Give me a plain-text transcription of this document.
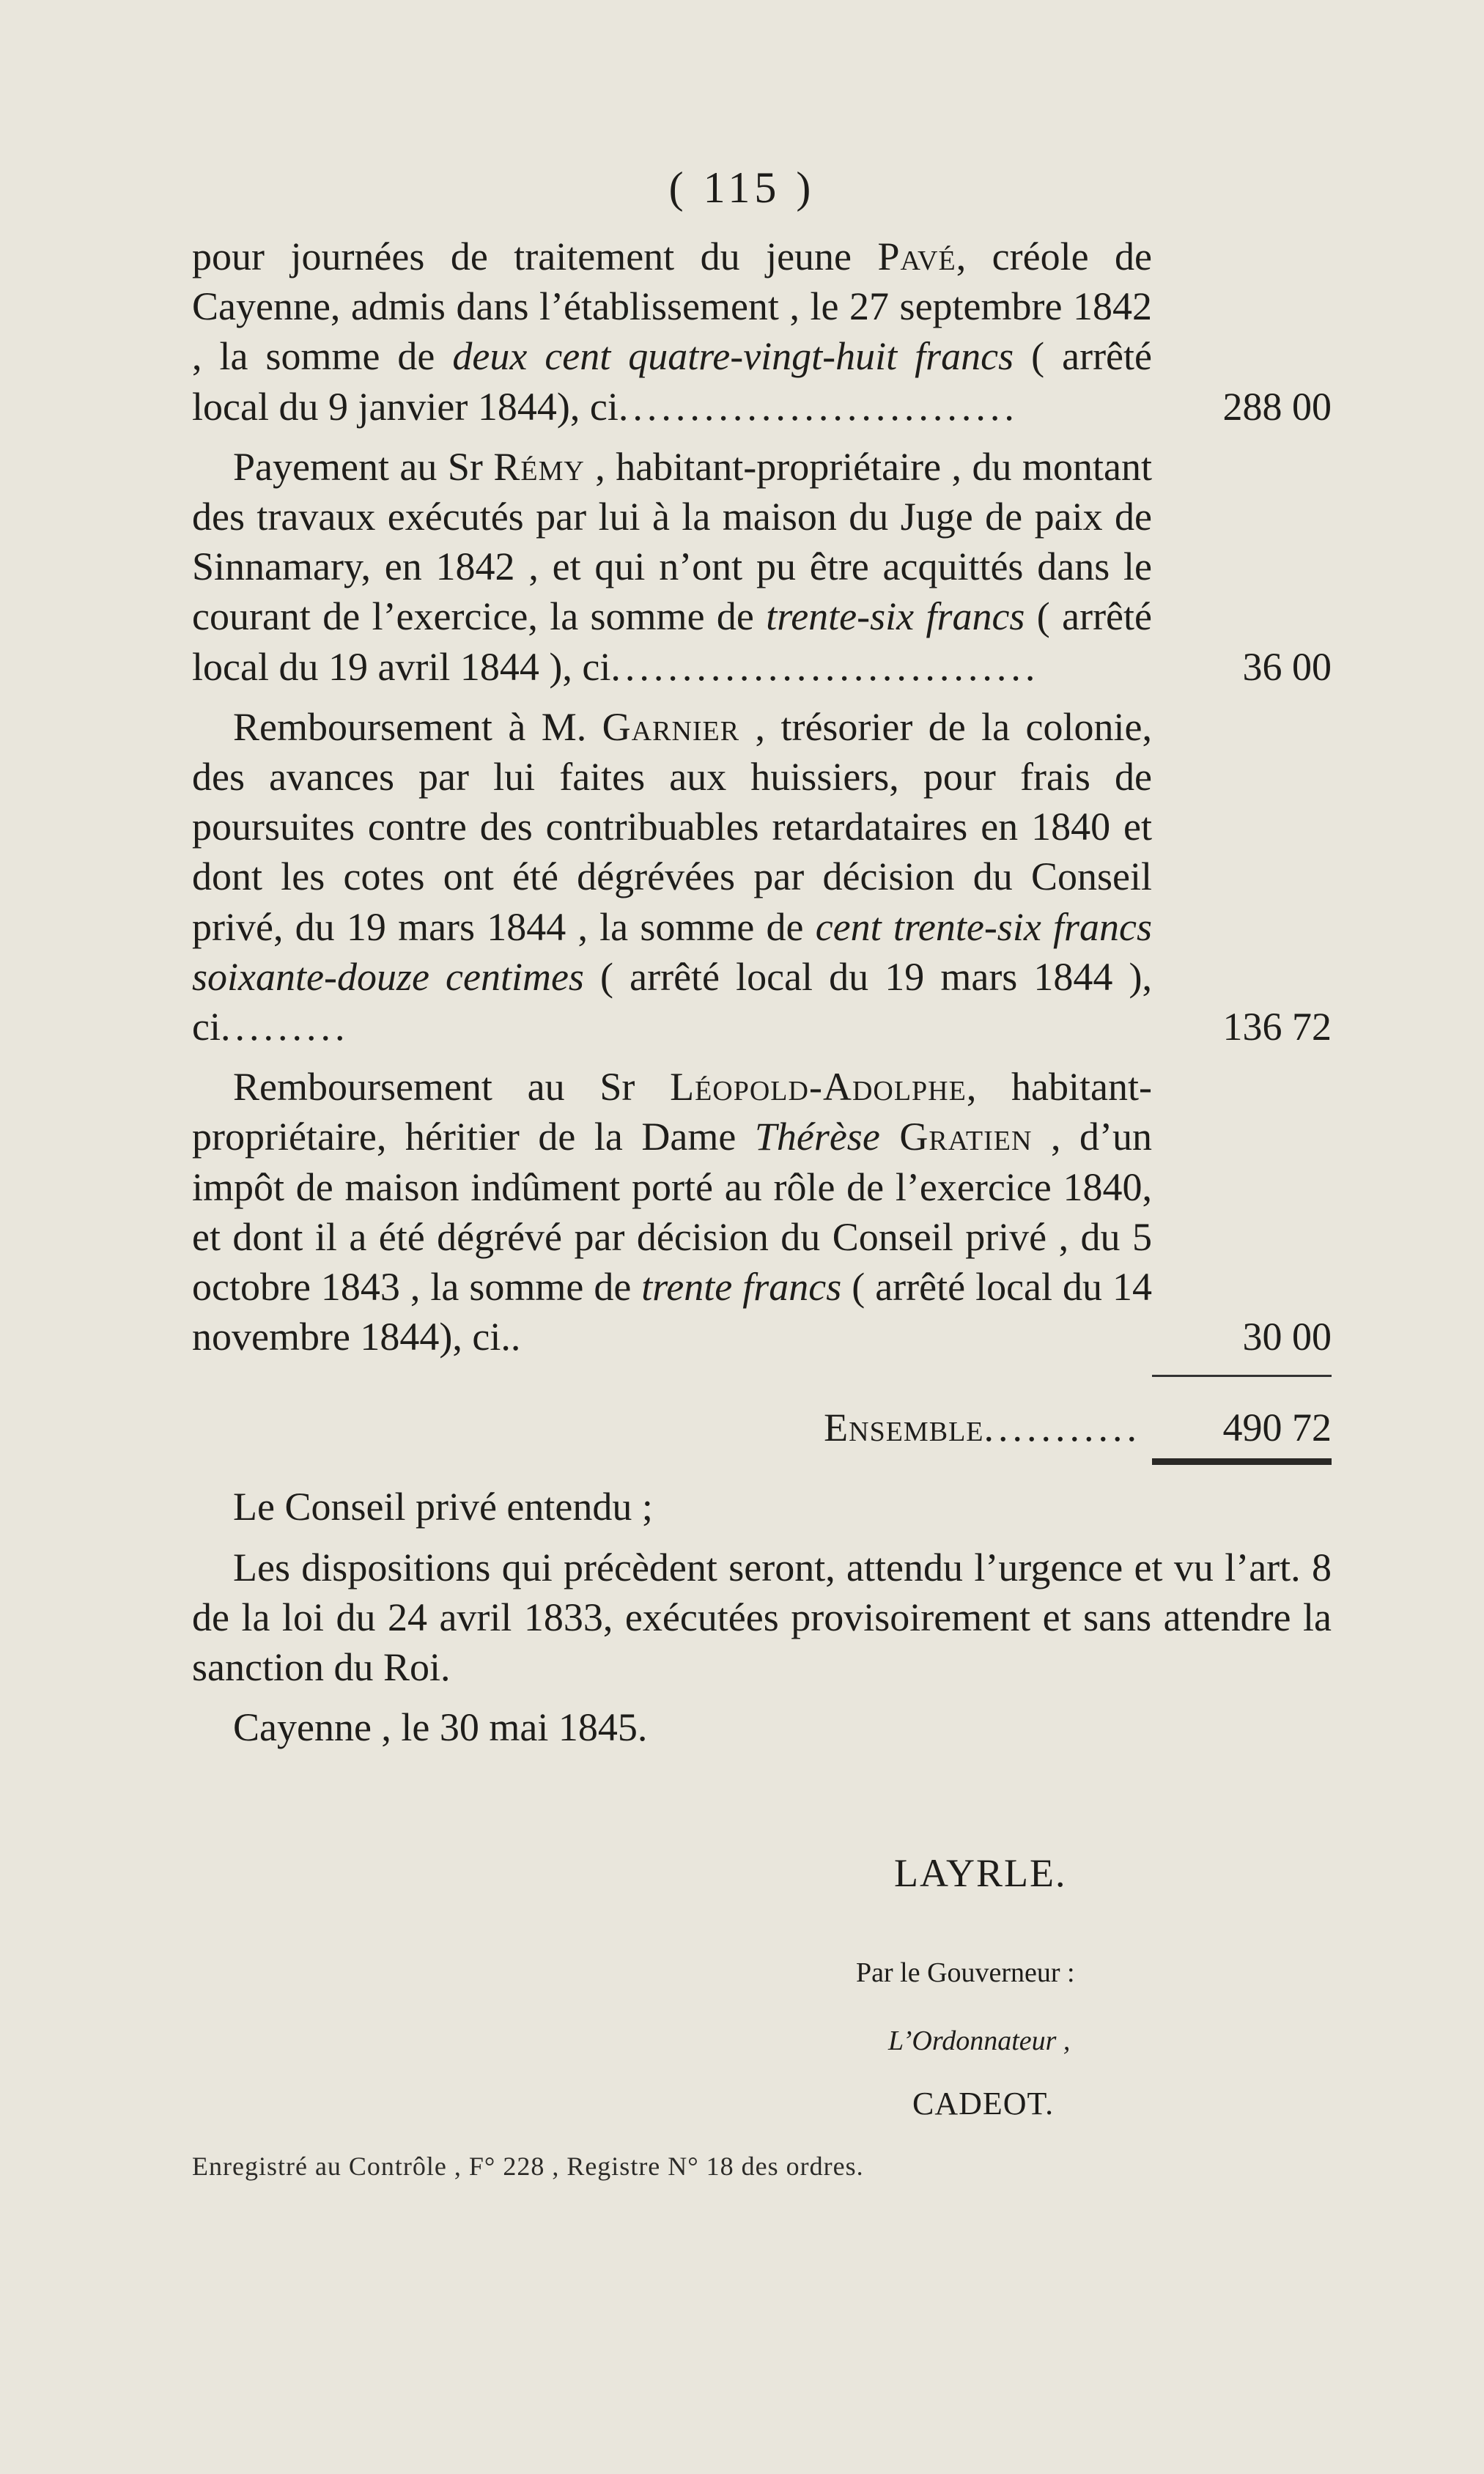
( 115 )
pour journées de traitement du jeune Pavé, créole de Cayenne, admis dans l’établissement , le 27 septembre 1842 , la somme de deux cent quatre-vingt-huit francs ( arrêté local du 9 janvier 1844), ci............................	288 00
Payement au Sr Rémy , habitant-propriétaire , du montant des travaux exécutés par lui à la maison du Juge de paix de Sinnamary, en 1842 , et qui n’ont pu être acquittés dans le courant de l’exercice, la somme de trente-six francs ( arrêté local du 19 avril 1844 ), ci..............................	36 00
Remboursement à M. Garnier , trésorier de la colonie, des avances par lui faites aux huissiers, pour frais de poursuites contre des contribuables retardataires en 1840 et dont les cotes ont été dégrévées par décision du Conseil privé, du 19 mars 1844 , la somme de cent trente-six francs soixante-douze centimes ( arrêté local du 19 mars 1844 ), ci.........	136 72
Remboursement au Sr Léopold-Adolphe, habitant-propriétaire, héritier de la Dame Thérèse Gratien , d’un impôt de maison indûment porté au rôle de l’exercice 1840, et dont il a été dégrévé par décision du Conseil privé , du 5 octobre 1843 , la somme de trente francs ( arrêté local du 14 novembre 1844), ci..	30 00
Ensemble...........	490 72

Le Conseil privé entendu ;

Les dispositions qui précèdent seront, attendu l’urgence et vu l’art. 8 de la loi du 24 avril 1833, exécutées provisoirement et sans attendre la sanction du Roi.

Cayenne , le 30 mai 1845.

LAYRLE.
Par le Gouverneur :
L’Ordonnateur ,
CADEOT.
Enregistré au Contrôle , F° 228 , Registre N° 18 des ordres.
